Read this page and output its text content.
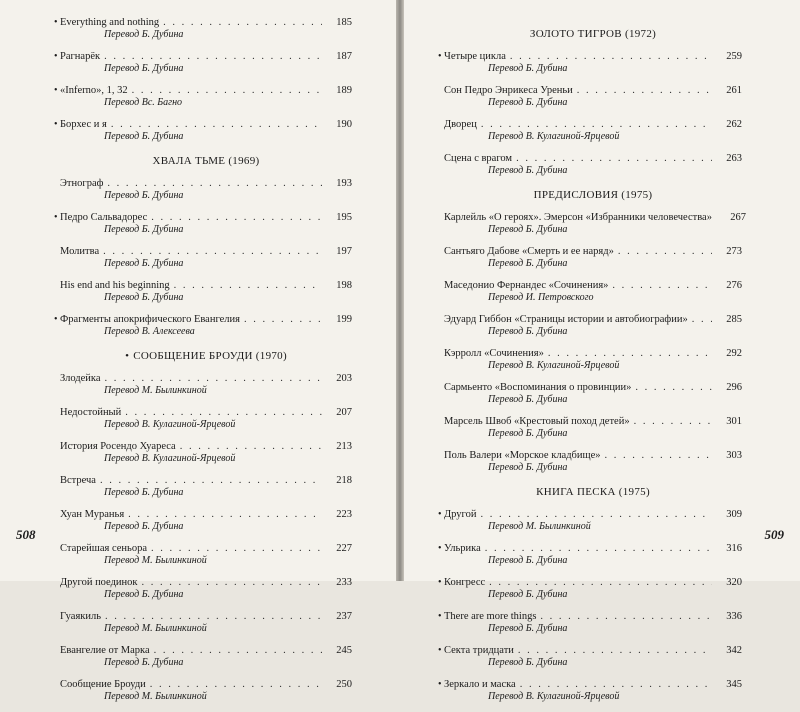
• Everything and nothing . . .	185
Перевод Б. Дубина
• Рагнарёк . . .	187
Перевод Б. Дубина
• «Inferno», 1, 32 . . .	189
Перевод Вс. Багно
• Борхес и я . . .	190
Перевод Б. Дубина
ХВАЛА ТЬМЕ (1969)
Этнограф . . .	193
Перевод Б. Дубина
• Педро Сальвадорес . . .	195
Перевод Б. Дубина
Молитва . . .	197
Перевод Б. Дубина
His end and his beginning . . .	198
Перевод Б. Дубина
• Фрагменты апокрифического Евангелия . . .	199
Перевод В. Алексеева
• СООБЩЕНИЕ БРОУДИ (1970)
Злодейка . . .	203
Перевод М. Былинкиной
Недостойный . . .	207
Перевод В. Кулагиной-Ярцевой
История Росендо Хуареса . . .	213
Перевод В. Кулагиной-Ярцевой
Встреча . . .	218
Перевод Б. Дубина
Хуан Муранья . . .	223
Перевод Б. Дубина
Старейшая сеньора . . .	227
Перевод М. Былинкиной
Другой поединок . . .	233
Перевод Б. Дубина
Гуаякиль . . .	237
Перевод М. Былинкиной
Евангелие от Марка . . .	245
Перевод Б. Дубина
Сообщение Броуди . . .	250
Перевод М. Былинкиной
508
ЗОЛОТО ТИГРОВ (1972)
• Четыре цикла . . .	259
Перевод Б. Дубина
Сон Педро Энрикеса Уреньи . . .	261
Перевод Б. Дубина
Дворец . . .	262
Перевод В. Кулагиной-Ярцевой
Сцена с врагом . . .	263
Перевод Б. Дубина
ПРЕДИСЛОВИЯ (1975)
Карлейль «О героях». Эмерсон «Избранники человечества»	267
Перевод Б. Дубина
Сантьяго Дабове «Смерть и ее наряд» . . .	273
Перевод Б. Дубина
Маседонио Фернандес «Сочинения» . . .	276
Перевод И. Петровского
Эдуард Гиббон «Страницы истории и автобиографии» . . .	285
Перевод Б. Дубина
Кэрролл «Сочинения» . . .	292
Перевод В. Кулагиной-Ярцевой
Сармьенто «Воспоминания о провинции» . . .	296
Перевод Б. Дубина
Марсель Швоб «Крестовый поход детей» . . .	301
Перевод Б. Дубина
Поль Валери «Морское кладбище» . . .	303
Перевод Б. Дубина
КНИГА ПЕСКА (1975)
• Другой . . .	309
Перевод М. Былинкиной
• Ульрика . . .	316
Перевод Б. Дубина
• Конгресс . . .	320
Перевод Б. Дубина
• There are more things . . .	336
Перевод Б. Дубина
• Секта тридцати . . .	342
Перевод Б. Дубина
• Зеркало и маска . . .	345
Перевод В. Кулагиной-Ярцевой
509
